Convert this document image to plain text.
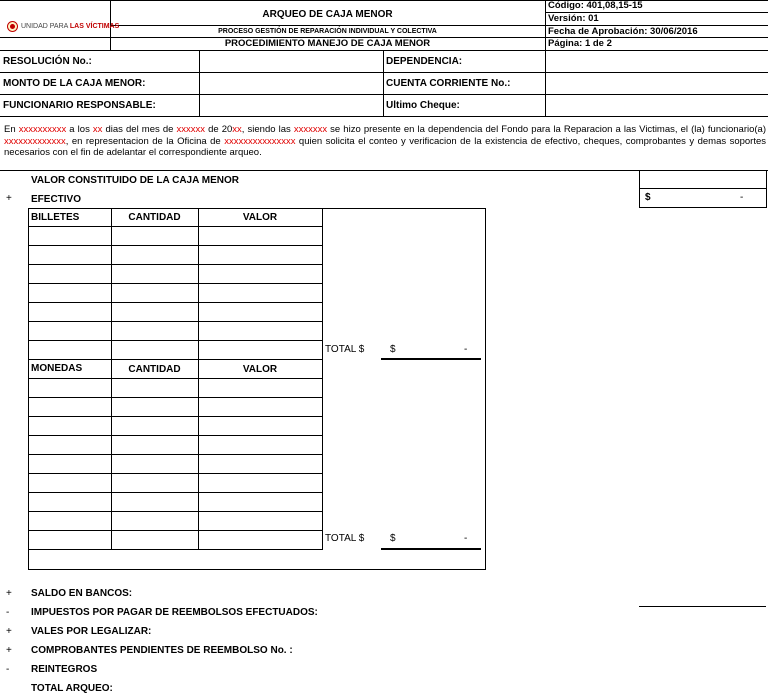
UNIDAD PARA LAS VÍCTIMAS
ARQUEO DE CAJA MENOR
PROCESO GESTIÓN DE REPARACIÓN INDIVIDUAL Y COLECTIVA
PROCEDIMIENTO MANEJO DE CAJA MENOR
Código: 401,08,15-15
Versión: 01
Fecha de Aprobación: 30/06/2016
Página: 1 de 2
RESOLUCIÓN No.:	DEPENDENCIA:
MONTO DE LA CAJA MENOR:	CUENTA CORRIENTE No.:
FUNCIONARIO RESPONSABLE:	Ultimo Cheque:
En xxxxxxxxxx a los xx dias del mes de xxxxxx de 20xx, siendo las xxxxxxx se hizo presente en la dependencia del Fondo para la Reparacion a las Victimas, el (la) funcionario(a) xxxxxxxxxxxxx, en representacion de la Oficina de xxxxxxxxxxxxxxx quien solicita el conteo y verificacion de la existencia de efectivo, cheques, comprobantes y demas soportes necesarios con el fin de adelantar el correspondiente arqueo.
VALOR CONSTITUIDO DE LA CAJA MENOR
+ EFECTIVO	$	-
BILLETES	CANTIDAD	VALOR
TOTAL $	$	-
MONEDAS	CANTIDAD	VALOR
TOTAL $	$	-
+ SALDO EN BANCOS:
- IMPUESTOS POR PAGAR DE REEMBOLSOS EFECTUADOS:
+ VALES POR LEGALIZAR:
+ COMPROBANTES PENDIENTES DE REEMBOLSO No. :
- REINTEGROS
TOTAL ARQUEO:
